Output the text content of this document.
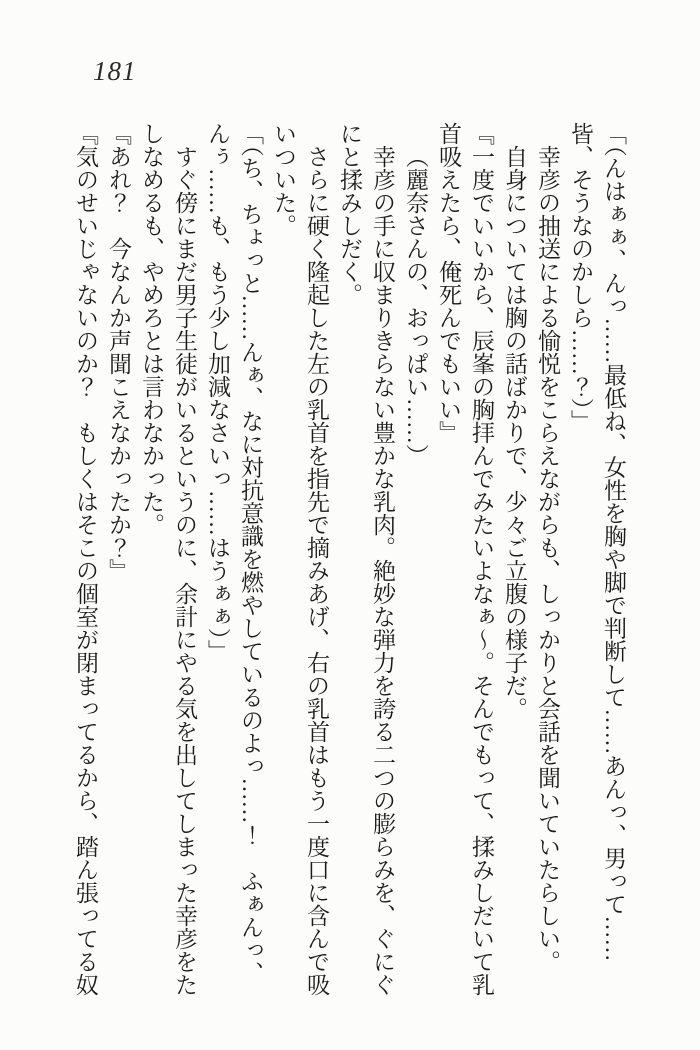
181

「（んはぁぁ、んっ……最低ね、女性を胸や脚で判断して……あんっ、男って……皆、そうなのかしら……？）」

幸彦の抽送による愉悦をこらえながらも、しっかりと会話を聞いていたらしい。

自身については胸の話ばかりで、少々ご立腹の様子だ。

『一度でいいから、辰峯の胸拝んでみたいよなぁ～。そんでもって、揉みしだいて乳首吸えたら、俺死んでもいい』

（麗奈さんの、おっぱい……）

幸彦の手に収まりきらない豊かな乳肉。絶妙な弾力を誇る二つの膨らみを、ぐにぐにと揉みしだく。

さらに硬く隆起した左の乳首を指先で摘みあげ、右の乳首はもう一度口に含んで吸いついた。

「（ち、ちょっと……んぁ、なに対抗意識を燃やしているのよっ……！　ふぁんっ、んぅ……も、もう少し加減なさいっ……はうぁぁ）」

すぐ傍にまだ男子生徒がいるというのに、余計にやる気を出してしまった幸彦をたしなめるも、やめろとは言わなかった。

『あれ？　今なんか声聞こえなかったか？』

『気のせいじゃないのか？　もしくはそこの個室が閉まってるから、踏ん張ってる奴
